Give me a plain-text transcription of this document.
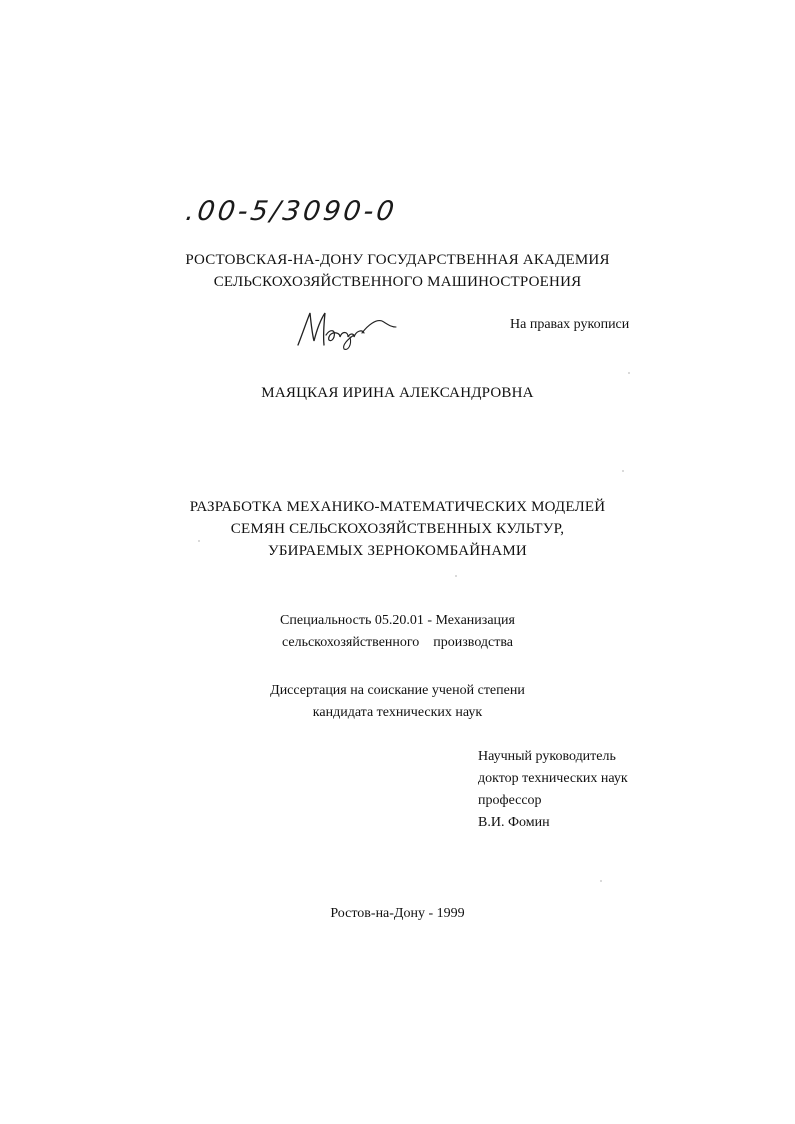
.00-5/3090-0
РОСТОВСКАЯ-НА-ДОНУ ГОСУДАРСТВЕННАЯ АКАДЕМИЯ
СЕЛЬСКОХОЗЯЙСТВЕННОГО МАШИНОСТРОЕНИЯ
На правах рукописи
МАЯЦКАЯ ИРИНА АЛЕКСАНДРОВНА
РАЗРАБОТКА МЕХАНИКО-МАТЕМАТИЧЕСКИХ МОДЕЛЕЙ
СЕМЯН СЕЛЬСКОХОЗЯЙСТВЕННЫХ КУЛЬТУР,
УБИРАЕМЫХ ЗЕРНОКОМБАЙНАМИ
Специальность 05.20.01 - Механизация
сельскохозяйственного    производства
Диссертация на соискание ученой степени
кандидата технических наук
Научный руководитель
доктор технических наук
профессор
В.И. Фомин
Ростов-на-Дону - 1999
